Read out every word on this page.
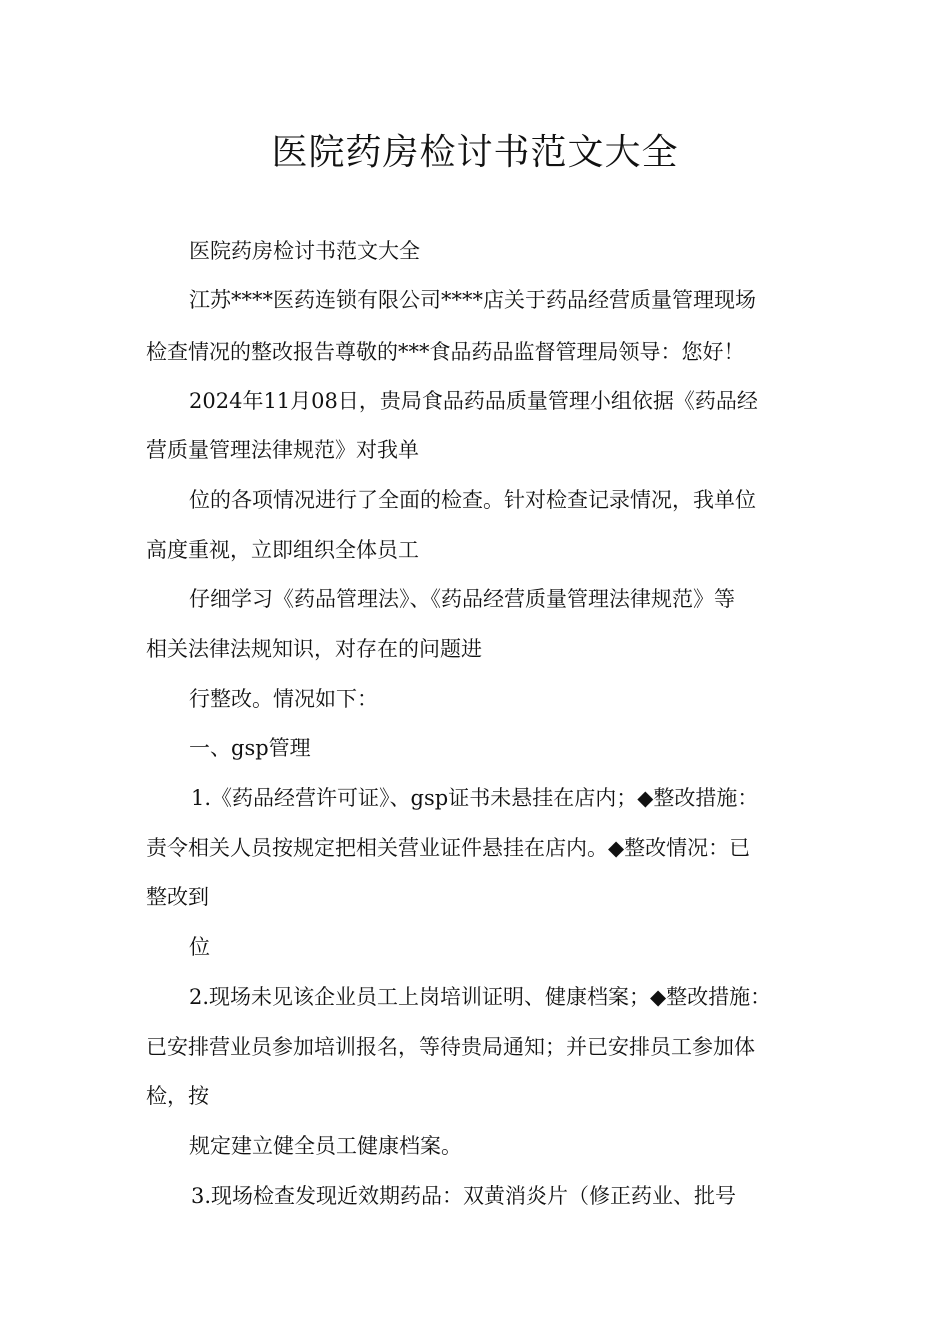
医院药房检讨书范文大全

医院药房检讨书范文大全

江苏****医药连锁有限公司****店关于药品经营质量管理现场

检查情况的整改报告尊敬的***食品药品监督管理局领导：您好！

2024年11月08日，贵局食品药品质量管理小组依据《药品经

营质量管理法律规范》对我单

位的各项情况进行了全面的检查。针对检查记录情况，我单位

高度重视，立即组织全体员工

仔细学习《药品管理法》、《药品经营质量管理法律规范》等

相关法律法规知识，对存在的问题进

行整改。情况如下：

一、gsp管理

1.《药品经营许可证》、gsp证书未悬挂在店内；◆整改措施：

责令相关人员按规定把相关营业证件悬挂在店内。◆整改情况：已

整改到

位

2.现场未见该企业员工上岗培训证明、健康档案；◆整改措施：

已安排营业员参加培训报名，等待贵局通知；并已安排员工参加体

检，按

规定建立健全员工健康档案。

3.现场检查发现近效期药品：双黄消炎片（修正药业、批号
